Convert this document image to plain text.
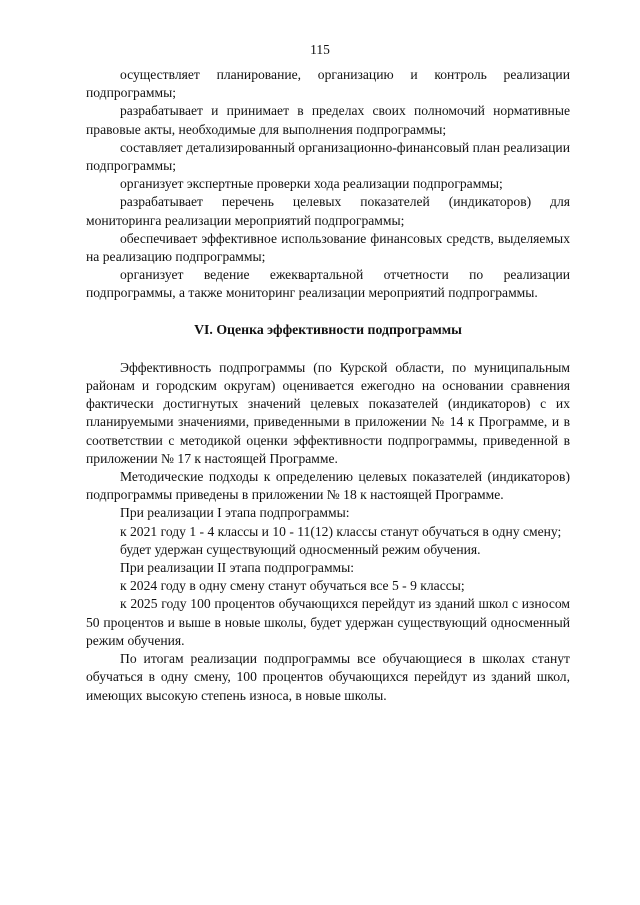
115

осуществляет планирование, организацию и контроль реализации подпрограммы;

разрабатывает и принимает в пределах своих полномочий нормативные правовые акты, необходимые для выполнения подпрограммы;

составляет детализированный организационно-финансовый план реализации подпрограммы;

организует экспертные проверки хода реализации подпрограммы;

разрабатывает перечень целевых показателей (индикаторов) для мониторинга реализации мероприятий подпрограммы;

обеспечивает эффективное использование финансовых средств, выделяемых на реализацию подпрограммы;

организует ведение ежеквартальной отчетности по реализации подпрограммы, а также мониторинг реализации мероприятий подпрограммы.

VI. Оценка эффективности подпрограммы

Эффективность подпрограммы (по Курской области, по муниципальным районам и городским округам) оценивается ежегодно на основании сравнения фактически достигнутых значений целевых показателей (индикаторов) с их планируемыми значениями, приведенными в приложении № 14 к Программе, и в соответствии с методикой оценки эффективности подпрограммы, приведенной в приложении № 17 к настоящей Программе.

Методические подходы к определению целевых показателей (индикаторов) подпрограммы приведены в приложении № 18 к настоящей Программе.

При реализации I этапа подпрограммы:

к 2021 году 1 - 4 классы и 10 - 11(12) классы станут обучаться в одну смену;

будет удержан существующий односменный режим обучения.

При реализации II этапа подпрограммы:

к 2024 году в одну смену станут обучаться все 5 - 9 классы;

к 2025 году 100 процентов обучающихся перейдут из зданий школ с износом 50 процентов и выше в новые школы, будет удержан существующий односменный режим обучения.

По итогам реализации подпрограммы все обучающиеся в школах станут обучаться в одну смену, 100 процентов обучающихся перейдут из зданий школ, имеющих высокую степень износа, в новые школы.
